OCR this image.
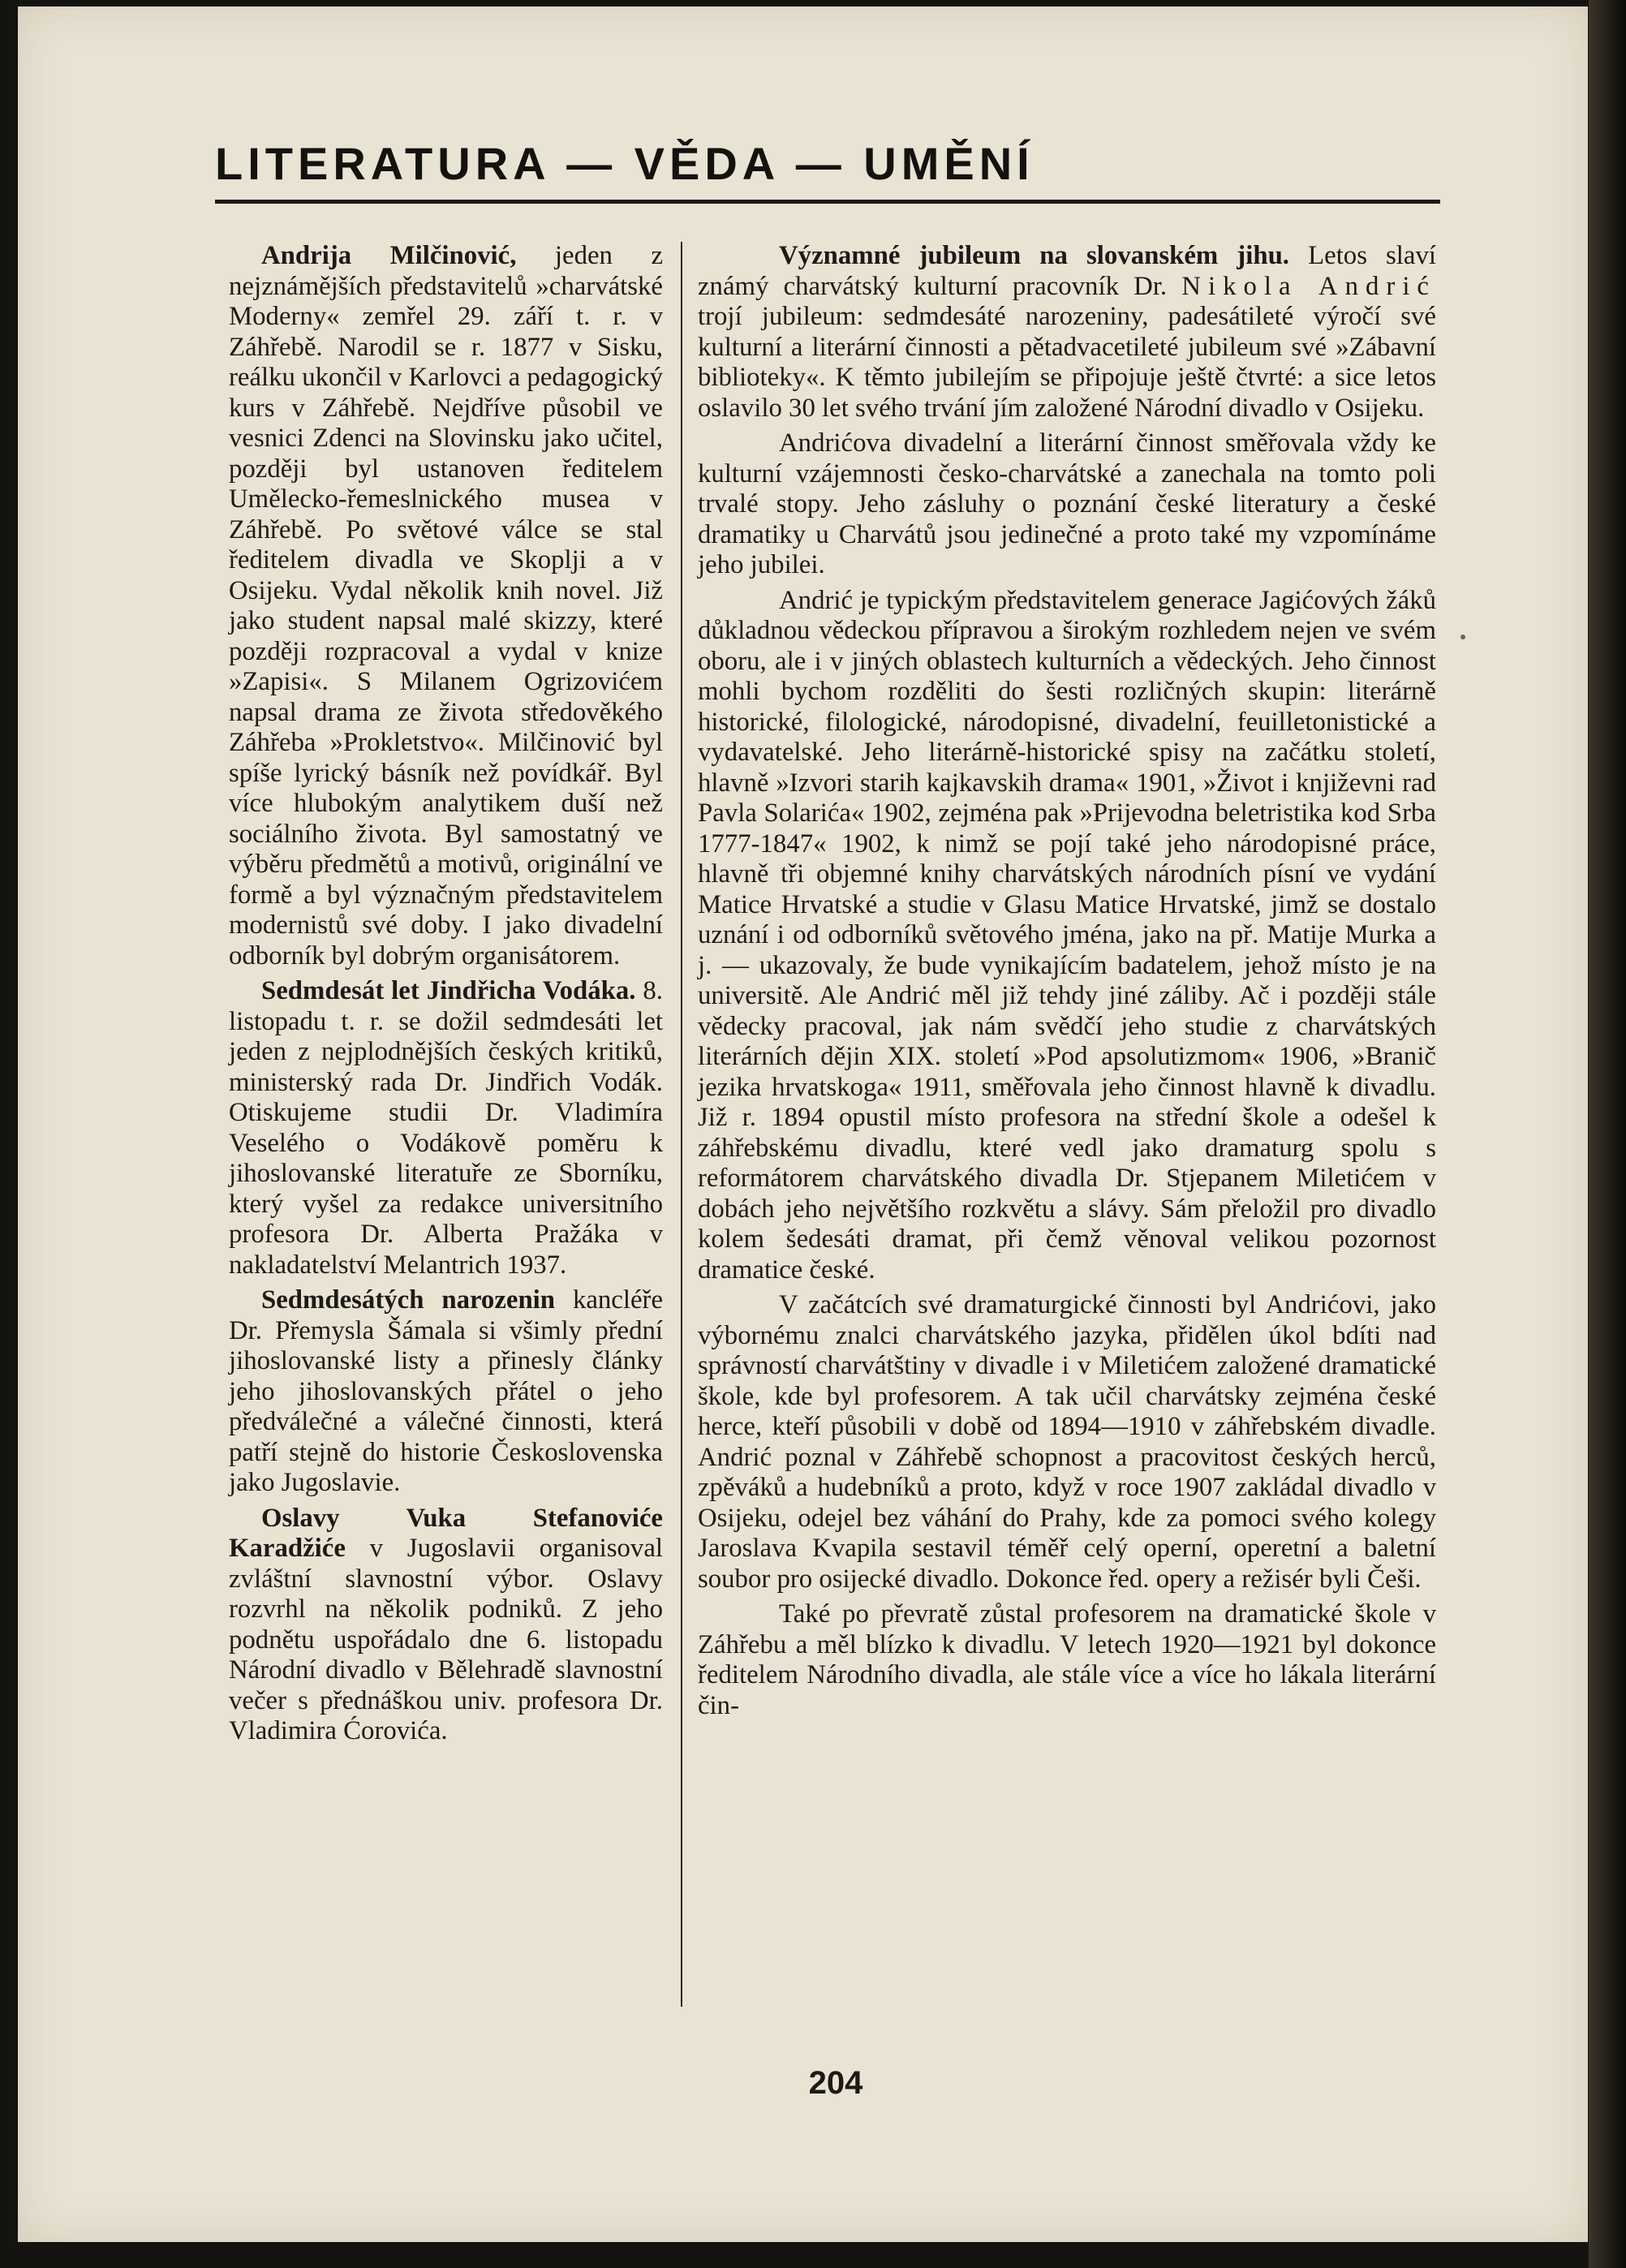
LITERATURA — VĚDA — UMĚNÍ

Andrija Milčinović, jeden z nejznámějších představitelů »charvátské Moderny« zemřel 29. září t. r. v Záhřebě. Narodil se r. 1877 v Sisku, reálku ukončil v Karlovci a pedagogický kurs v Záhřebě. Nejdříve působil ve vesnici Zdenci na Slovinsku jako učitel, později byl ustanoven ředitelem Umělecko-řemeslnického musea v Záhřebě. Po světové válce se stal ředitelem divadla ve Skoplji a v Osijeku. Vydal několik knih novel. Již jako student napsal malé skizzy, které později rozpracoval a vydal v knize »Zapisi«. S Milanem Ogrizovićem napsal drama ze života středověkého Záhřeba »Prokletstvo«. Milčinović byl spíše lyrický básník než povídkář. Byl více hlubokým analytikem duší než sociálního života. Byl samostatný ve výběru předmětů a motivů, originální ve formě a byl význačným představitelem modernistů své doby. I jako divadelní odborník byl dobrým organisátorem.

Sedmdesát let Jindřicha Vodáka. 8. listopadu t. r. se dožil sedmdesáti let jeden z nejplodnějších českých kritiků, ministerský rada Dr. Jindřich Vodák. Otiskujeme studii Dr. Vladimíra Veselého o Vodákově poměru k jihoslovanské literatuře ze Sborníku, který vyšel za redakce universitního profesora Dr. Alberta Pražáka v nakladatelství Melantrich 1937.

Sedmdesátých narozenin kancléře Dr. Přemysla Šámala si všimly přední jihoslovanské listy a přinesly články jeho jihoslovanských přátel o jeho předválečné a válečné činnosti, která patří stejně do historie Československa jako Jugoslavie.

Oslavy Vuka Stefanoviće Karadžiće v Jugoslavii organisoval zvláštní slavnostní výbor. Oslavy rozvrhl na několik podniků. Z jeho podnětu uspořádalo dne 6. listopadu Národní divadlo v Bělehradě slavnostní večer s přednáškou univ. profesora Dr. Vladimira Ćorovića.

Významné jubileum na slovanském jihu. Letos slaví známý charvátský kulturní pracovník Dr. Nikola Andrić trojí jubileum: sedmdesáté narozeniny, padesátileté výročí své kulturní a literární činnosti a pětadvacetileté jubileum své »Zábavní biblioteky«. K těmto jubilejím se připojuje ještě čtvrté: a sice letos oslavilo 30 let svého trvání jím založené Národní divadlo v Osijeku.

Andrićova divadelní a literární činnost směřovala vždy ke kulturní vzájemnosti česko-charvátské a zanechala na tomto poli trvalé stopy. Jeho zásluhy o poznání české literatury a české dramatiky u Charvátů jsou jedinečné a proto také my vzpomínáme jeho jubilei.

Andrić je typickým představitelem generace Jagićových žáků důkladnou vědeckou přípravou a širokým rozhledem nejen ve svém oboru, ale i v jiných oblastech kulturních a vědeckých. Jeho činnost mohli bychom rozděliti do šesti rozličných skupin: literárně historické, filologické, národopisné, divadelní, feuilletonistické a vydavatelské. Jeho literárně-historické spisy na začátku století, hlavně »Izvori starih kajkavskih drama« 1901, »Život i književni rad Pavla Solarića« 1902, zejména pak »Prijevodna beletristika kod Srba 1777-1847« 1902, k nimž se pojí také jeho národopisné práce, hlavně tři objemné knihy charvátských národních písní ve vydání Matice Hrvatské a studie v Glasu Matice Hrvatské, jimž se dostalo uznání i od odborníků světového jména, jako na př. Matije Murka a j. — ukazovaly, že bude vynikajícím badatelem, jehož místo je na universitě. Ale Andrić měl již tehdy jiné záliby. Ač i později stále vědecky pracoval, jak nám svědčí jeho studie z charvátských literárních dějin XIX. století »Pod apsolutizmom« 1906, »Branič jezika hrvatskoga« 1911, směřovala jeho činnost hlavně k divadlu. Již r. 1894 opustil místo profesora na střední škole a odešel k záhřebskému divadlu, které vedl jako dramaturg spolu s reformátorem charvátského divadla Dr. Stjepanem Miletićem v dobách jeho největšího rozkvětu a slávy. Sám přeložil pro divadlo kolem šedesáti dramat, při čemž věnoval velikou pozornost dramatice české.

V začátcích své dramaturgické činnosti byl Andrićovi, jako výbornému znalci charvátského jazyka, přidělen úkol bdíti nad správností charvátštiny v divadle i v Miletićem založené dramatické škole, kde byl profesorem. A tak učil charvátsky zejména české herce, kteří působili v době od 1894—1910 v záhřebském divadle. Andrić poznal v Záhřebě schopnost a pracovitost českých herců, zpěváků a hudebníků a proto, když v roce 1907 zakládal divadlo v Osijeku, odejel bez váhání do Prahy, kde za pomoci svého kolegy Jaroslava Kvapila sestavil téměř celý operní, operetní a baletní soubor pro osijecké divadlo. Dokonce řed. opery a režisér byli Češi.

Také po převratě zůstal profesorem na dramatické škole v Záhřebu a měl blízko k divadlu. V letech 1920—1921 byl dokonce ředitelem Národního divadla, ale stále více a více ho lákala literární čin-

204
